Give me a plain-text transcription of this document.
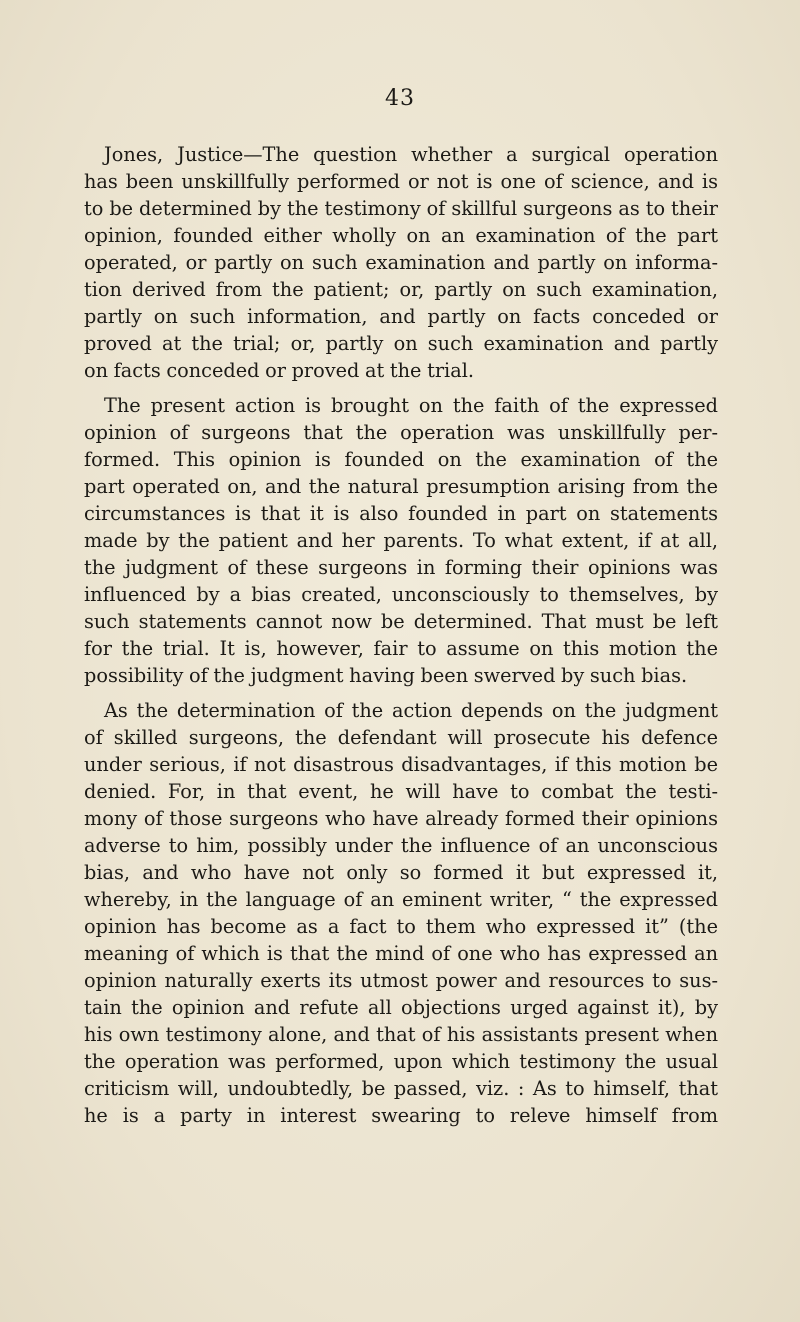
43

Jones, Justice—The question whether a surgical operation

has been unskillfully performed or not is one of science, and is

to be determined by the testimony of skillful surgeons as to their

opinion, founded either wholly on an examination of the part

operated, or partly on such examination and partly on informa-

tion derived from the patient; or, partly on such examination,

partly on such information, and partly on facts conceded or

proved at the trial; or, partly on such examination and partly

on facts conceded or proved at the trial.

The present action is brought on the faith of the expressed

opinion of surgeons that the operation was unskillfully per-

formed. This opinion is founded on the examination of the

part operated on, and the natural presumption arising from the

circumstances is that it is also founded in part on statements

made by the patient and her parents. To what extent, if at all,

the judgment of these surgeons in forming their opinions was

influenced by a bias created, unconsciously to themselves, by

such statements cannot now be determined. That must be left

for the trial. It is, however, fair to assume on this motion the

possibility of the judgment having been swerved by such bias.

As the determination of the action depends on the judgment

of skilled surgeons, the defendant will prosecute his defence

under serious, if not disastrous disadvantages, if this motion be

denied. For, in that event, he will have to combat the testi-

mony of those surgeons who have already formed their opinions

adverse to him, possibly under the influence of an unconscious

bias, and who have not only so formed it but expressed it,

whereby, in the language of an eminent writer, “ the expressed

opinion has become as a fact to them who expressed it” (the

meaning of which is that the mind of one who has expressed an

opinion naturally exerts its utmost power and resources to sus-

tain the opinion and refute all objections urged against it), by

his own testimony alone, and that of his assistants present when

the operation was performed, upon which testimony the usual

criticism will, undoubtedly, be passed, viz. : As to himself, that

he is a party in interest swearing to releve himself from
